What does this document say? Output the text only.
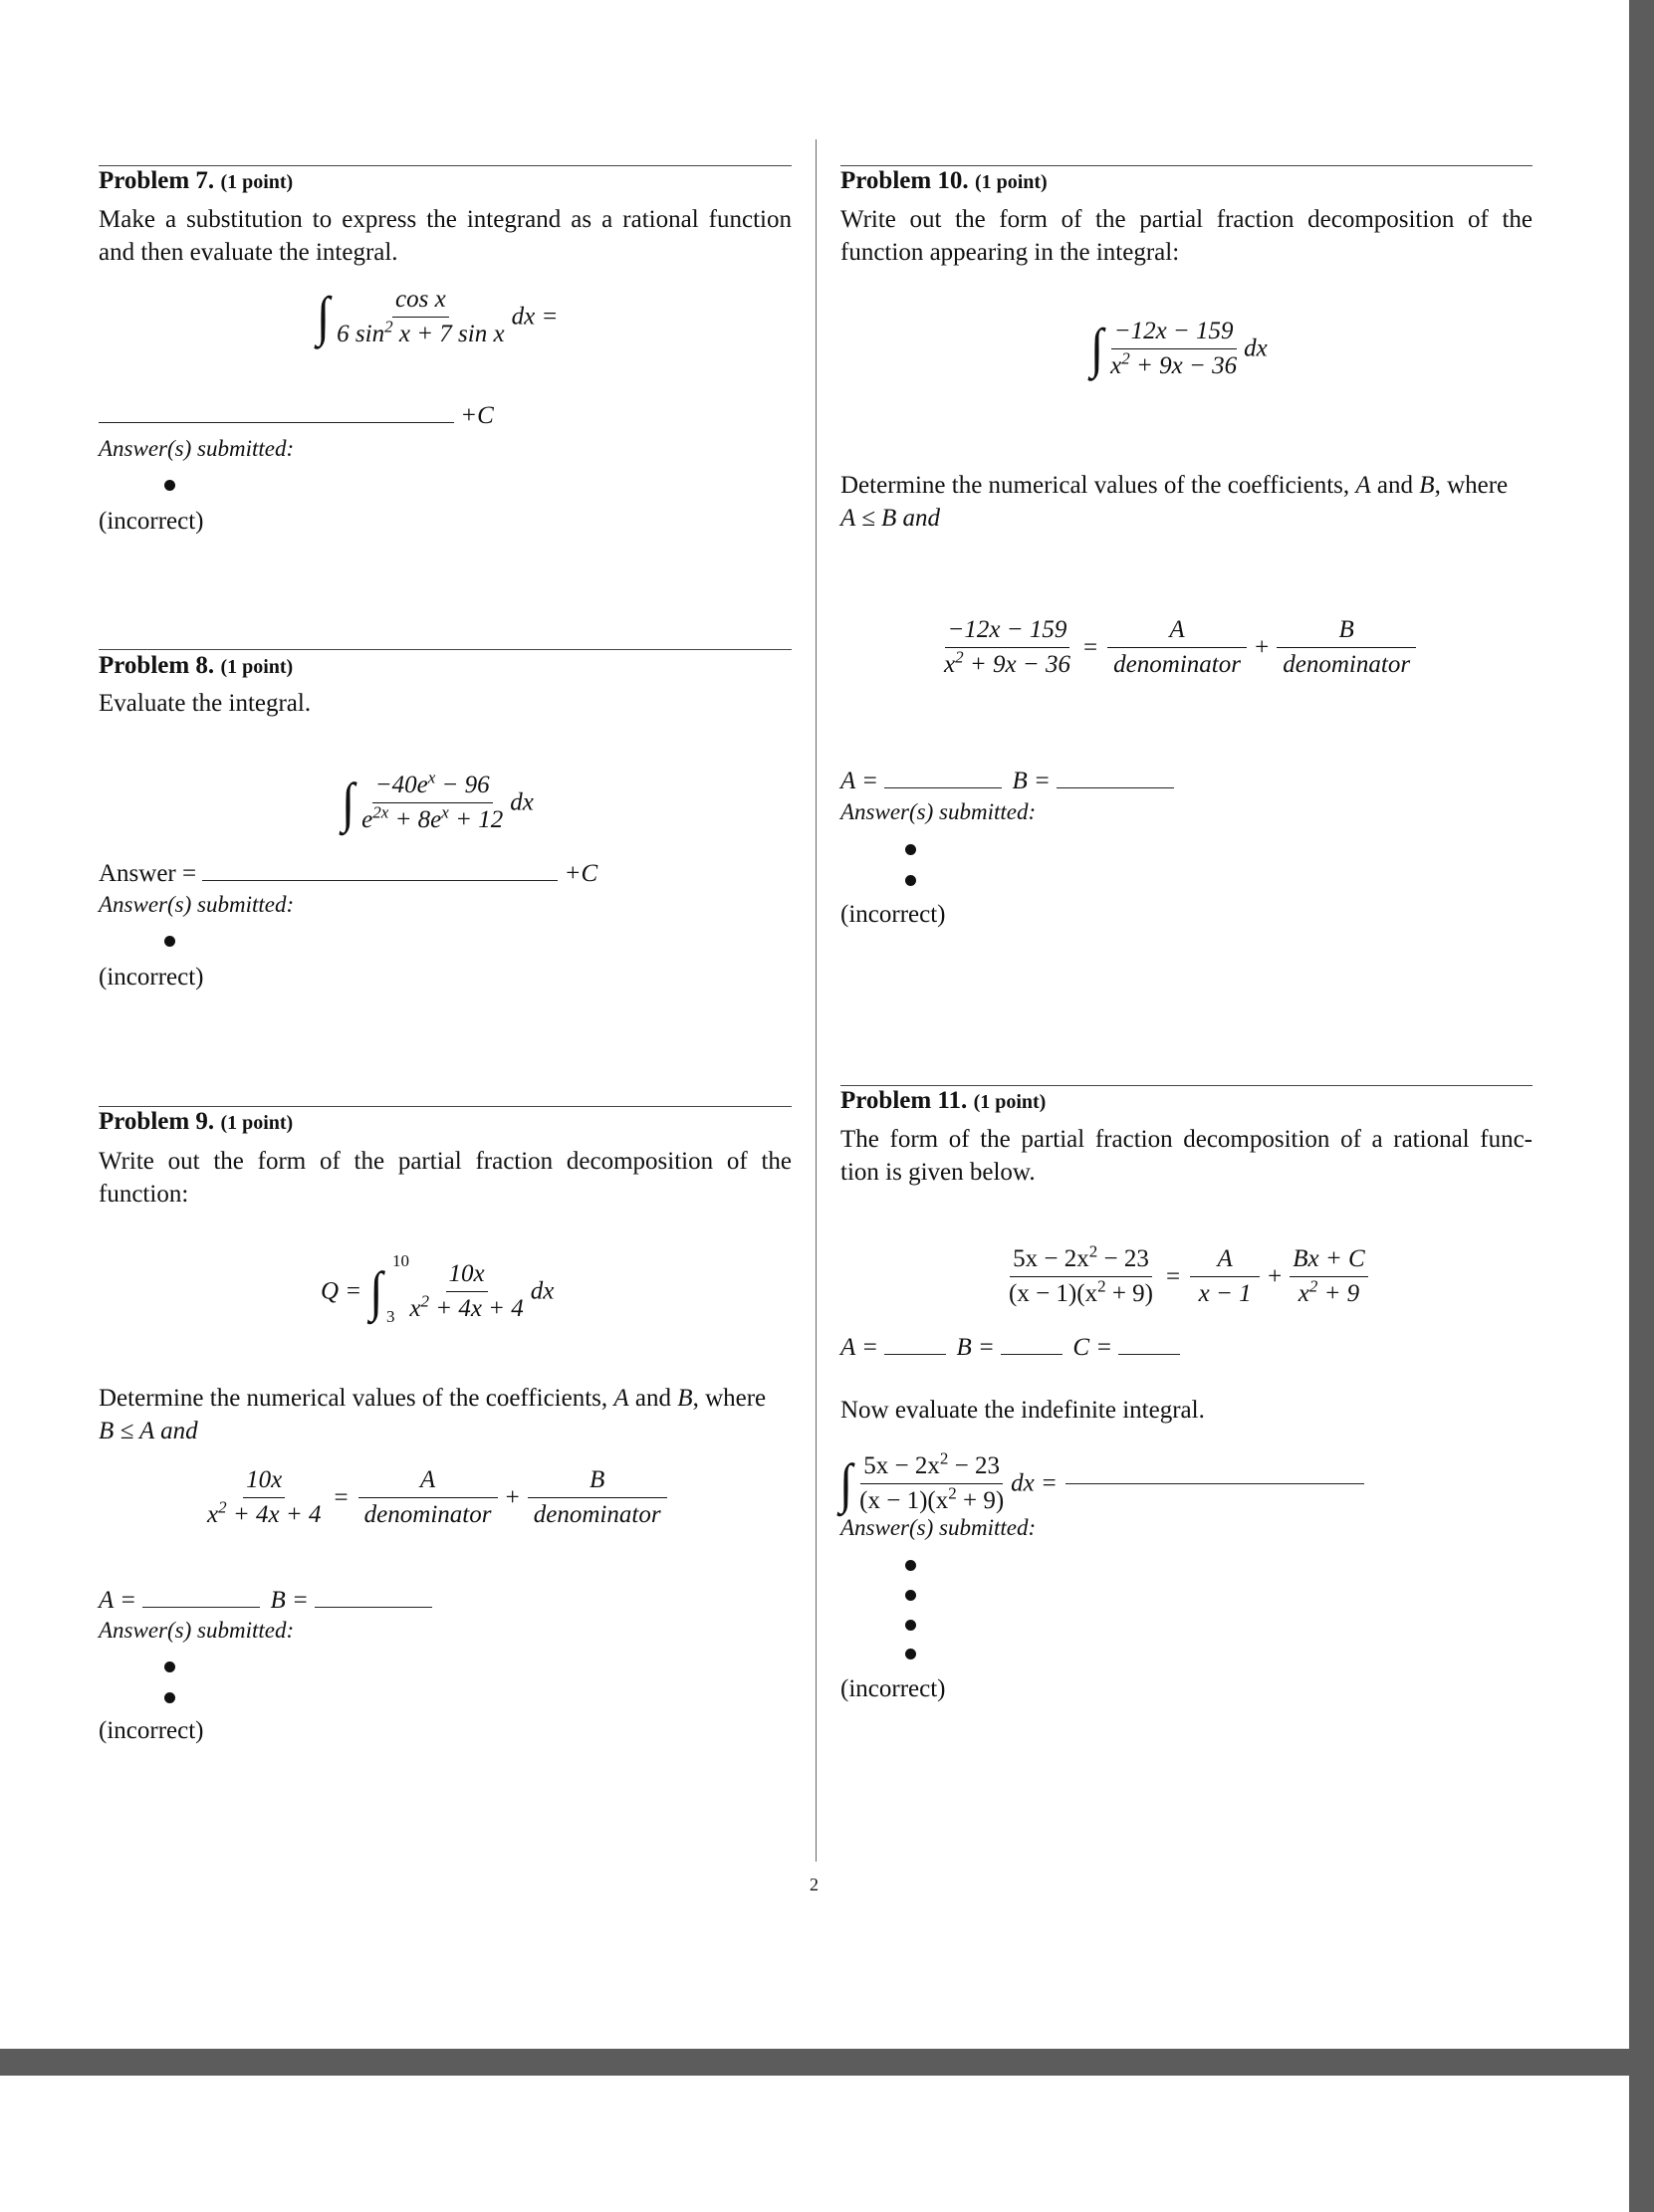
2
Problem 7. (1 point)
Make a substitution to express the integrand as a rational function
and then evaluate the integral.
∫ $\frac{\text{cos x}}{6 \sin^2 x + 7 \sin x}$ dx =
+C
Answer(s) submitted:
(incorrect)
Problem 8. (1 point)
Evaluate the integral.
∫ $\frac{-40e^x - 96}{e^{2x} + 8e^x + 12}$ dx
Answer =	+C
Answer(s) submitted:
(incorrect)
Problem 9. (1 point)
Write out the form of the partial fraction decomposition of the
function:
Q = ∫ 10
$3 \frac{10x}{x^2 + 4x + 4}$ dx
Determine the numerical values of the coefficients, A and B, where
B ≤ A and
$\frac{10x}{x^2 + 4x + 4} = \frac{A}{\text{denominator}} + \frac{B}{\text{denominator}}$
A =	B =
Answer(s) submitted:
(incorrect)
Problem 10. (1 point)
Write out the form of the partial fraction decomposition of the
function appearing in the integral:
∫ $\frac{-12x - 159}{x^2 + 9x - 36}$ dx
Determine the numerical values of the coefficients, A and B, where
A ≤ B and
$\frac{-12x - 159}{x^2 + 9x - 36} = \frac{A}{\text{denominator}} + \frac{B}{\text{denominator}}$
A =	B =
Answer(s) submitted:
(incorrect)
Problem 11. (1 point)
The form of the partial fraction decomposition of a rational func-
tion is given below.
$\frac{5x - 2x^2 - 23}{(x - 1)(x^2 + 9)} = \frac{A}{x - 1} + \frac{Bx + C}{x^2 + 9}$
A =	B =	C =
Now evaluate the indefinite integral.
∫ $\frac{5x - 2x^2 - 23}{(x - 1)(x^2 + 9)}$ dx =
Answer(s) submitted:
(incorrect)
